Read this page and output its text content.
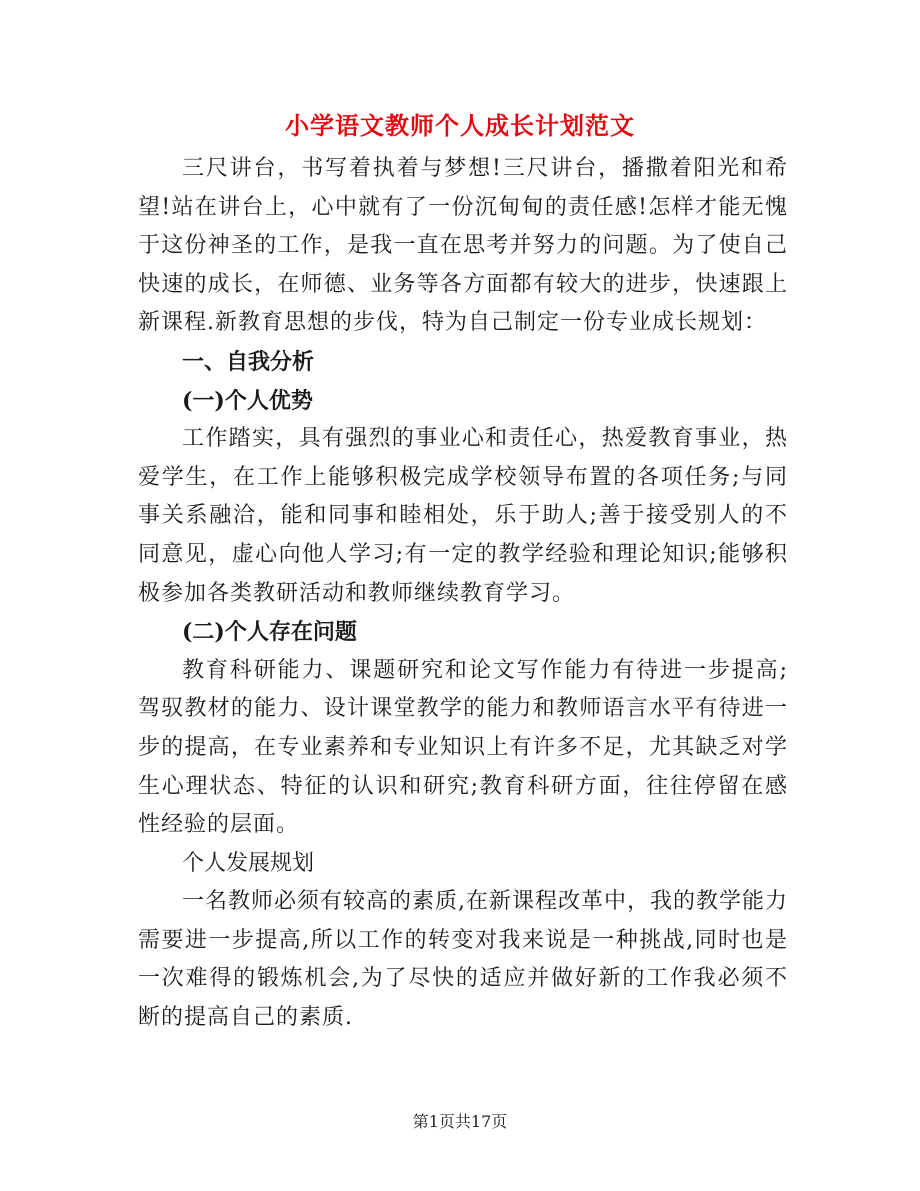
小学语文教师个人成长计划范文

三尺讲台，书写着执着与梦想!三尺讲台，播撒着阳光和希望!站在讲台上，心中就有了一份沉甸甸的责任感!怎样才能无愧于这份神圣的工作，是我一直在思考并努力的问题。为了使自己快速的成长，在师德、业务等各方面都有较大的进步，快速跟上新课程.新教育思想的步伐，特为自己制定一份专业成长规划：

一、自我分析

(一)个人优势

工作踏实，具有强烈的事业心和责任心，热爱教育事业，热爱学生，在工作上能够积极完成学校领导布置的各项任务;与同事关系融洽，能和同事和睦相处，乐于助人;善于接受别人的不同意见，虚心向他人学习;有一定的教学经验和理论知识;能够积极参加各类教研活动和教师继续教育学习。

(二)个人存在问题

教育科研能力、课题研究和论文写作能力有待进一步提高;驾驭教材的能力、设计课堂教学的能力和教师语言水平有待进一步的提高，在专业素养和专业知识上有许多不足，尤其缺乏对学生心理状态、特征的认识和研究;教育科研方面，往往停留在感性经验的层面。

个人发展规划

一名教师必须有较高的素质,在新课程改革中，我的教学能力需要进一步提高,所以工作的转变对我来说是一种挑战,同时也是一次难得的锻炼机会,为了尽快的适应并做好新的工作我必须不断的提高自己的素质.

第1页共17页
